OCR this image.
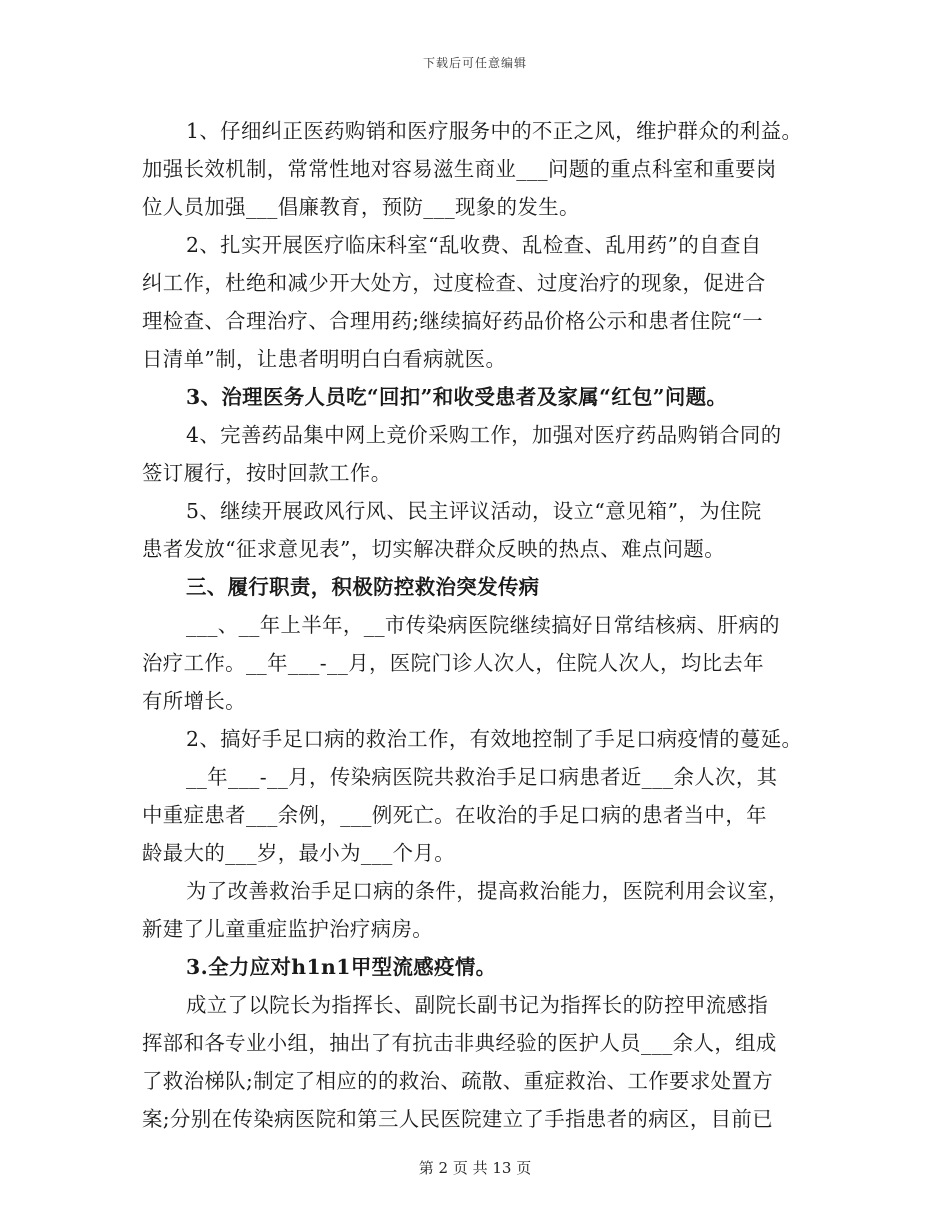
下载后可任意编辑
1、仔细纠正医药购销和医疗服务中的不正之风，维护群众的利益。
加强长效机制，常常性地对容易滋生商业___问题的重点科室和重要岗
位人员加强___倡廉教育，预防___现象的发生。
2、扎实开展医疗临床科室“乱收费、乱检查、乱用药”的自查自
纠工作，杜绝和减少开大处方，过度检查、过度治疗的现象，促进合
理检查、合理治疗、合理用药;继续搞好药品价格公示和患者住院“一
日清单”制，让患者明明白白看病就医。
3、治理医务人员吃“回扣”和收受患者及家属“红包”问题。
4、完善药品集中网上竞价采购工作，加强对医疗药品购销合同的
签订履行，按时回款工作。
5、继续开展政风行风、民主评议活动，设立“意见箱”，为住院
患者发放“征求意见表”，切实解决群众反映的热点、难点问题。
三、履行职责，积极防控救治突发传病
___、__年上半年，__市传染病医院继续搞好日常结核病、肝病的
治疗工作。__年___-__月，医院门诊人次人，住院人次人，均比去年
有所增长。
2、搞好手足口病的救治工作，有效地控制了手足口病疫情的蔓延。
__年___-__月，传染病医院共救治手足口病患者近___余人次，其
中重症患者___余例，___例死亡。在收治的手足口病的患者当中，年
龄最大的___岁，最小为___个月。
为了改善救治手足口病的条件，提高救治能力，医院利用会议室，
新建了儿童重症监护治疗病房。
3.全力应对h1n1甲型流感疫情。
成立了以院长为指挥长、副院长副书记为指挥长的防控甲流感指
挥部和各专业小组，抽出了有抗击非典经验的医护人员___余人，组成
了救治梯队;制定了相应的的救治、疏散、重症救治、工作要求处置方
案;分别在传染病医院和第三人民医院建立了手指患者的病区，目前已
第 2 页 共 13 页
